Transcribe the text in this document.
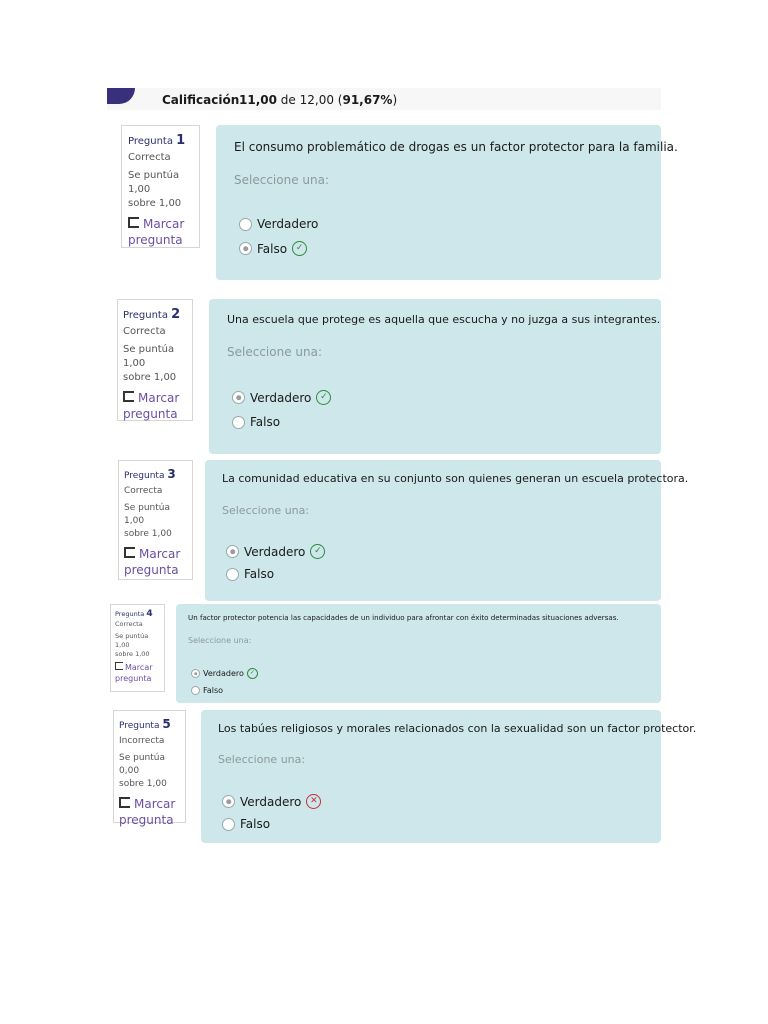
Calificación 11,00 de 12,00 (91,67%)
Pregunta 1
Correcta
Se puntúa 1,00
sobre 1,00
Marcar
pregunta
El consumo problemático de drogas es un factor protector para la familia.
Seleccione una:
Verdadero
Falso ✓
Pregunta 2
Correcta
Se puntúa 1,00
sobre 1,00
Marcar
pregunta
Una escuela que protege es aquella que escucha y no juzga a sus integrantes.
Seleccione una:
Verdadero ✓
Falso
Pregunta 3
Correcta
Se puntúa 1,00
sobre 1,00
Marcar
pregunta
La comunidad educativa en su conjunto son quienes generan un escuela protectora.
Seleccione una:
Verdadero ✓
Falso
Pregunta 4
Correcta
Se puntúa 1,00
sobre 1,00
Marcar
pregunta
Un factor protector potencia las capacidades de un individuo para afrontar con éxito determinadas situaciones adversas.
Seleccione una:
Verdadero ✓
Falso
Pregunta 5
Incorrecta
Se puntúa 0,00
sobre 1,00
Marcar
pregunta
Los tabúes religiosos y morales relacionados con la sexualidad son un factor protector.
Seleccione una:
Verdadero ✕
Falso
